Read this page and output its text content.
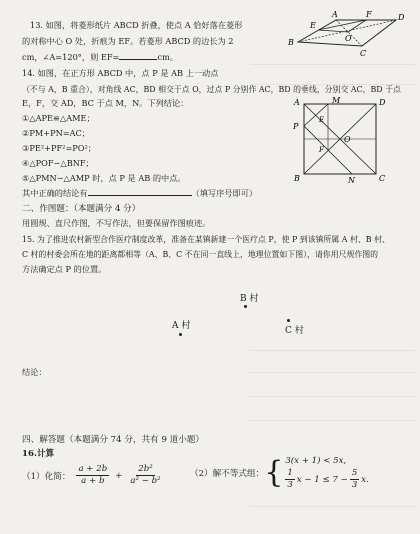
13. 如图，将菱形纸片 ABCD 折叠，使点 A 恰好落在菱形
的对称中心 O 处，折痕为 EF。若菱形 ABCD 的边长为 2
cm，∠A=120°，则 EF=	cm。
A
B
C
D
E
F
O
14. 如图，在正方形 ABCD 中，点 P 是 AB 上一动点
（不与 A，B 重合），对角线 AC，BD 相交于点 O，过点 P 分别作 AC，BD 的垂线，分别交 AC，BD 于点
E，F，交 AD，BC 于点 M，N。下列结论：
①△APE≌△AME；
②PM+PN=AC；
③PE²+PF²=PO²；
④△POF∽△BNF；
⑤△PMN∽△AMP 时，点 P 是 AB 的中点。
其中正确的结论有	（填写序号即可）
A	M	D
P
E
F
O
B	N	C
二、作图题：（本题满分 4 分）
用圆规、直尺作图，不写作法，但要保留作图痕迹。
15. 为了推进农村新型合作医疗制度改革，准备在某镇新建一个医疗点 P，使 P 到该镇所属 A 村、B 村、
C 村的村委会所在地的距离都相等（A、B、C 不在同一直线上，地理位置如下图），请你用尺规作图的
方法确定点 P 的位置。
B 村
A 村	C 村
结论：
四、解答题（本题满分 74 分，共有 9 道小题）
16.计算
（1）化简： $\frac{a + 2b}{a + b} + \frac{\text{2b²}}{\text{a² − b²}}$	（2）解不等式组： { 3(x + 1) < 5x,
$\frac{1}{3}$ $x - 1 \le 7 - \frac{5}{3} x$.
